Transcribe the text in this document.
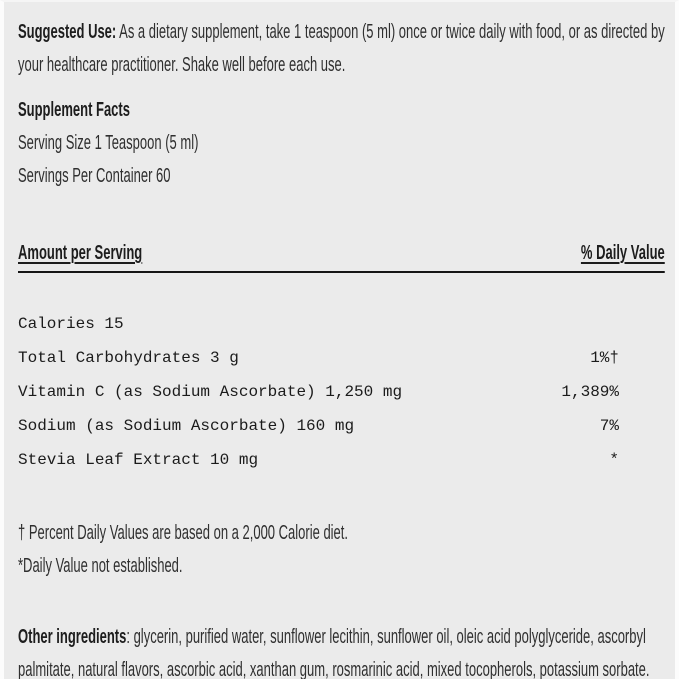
Suggested Use: As a dietary supplement, take 1 teaspoon (5 ml) once or twice daily with food, or as directed by your healthcare practitioner. Shake well before each use.

Supplement Facts

Serving Size 1 Teaspoon (5 ml)

Servings Per Container 60

Amount per Serving	% Daily Value
Calories 15
Total Carbohydrates 3 g	1%†
Vitamin C (as Sodium Ascorbate) 1,250 mg	1,389%
Sodium (as Sodium Ascorbate) 160 mg	7%
Stevia Leaf Extract 10 mg	*

† Percent Daily Values are based on a 2,000 Calorie diet.

*Daily Value not established.

Other ingredients: glycerin, purified water, sunflower lecithin, sunflower oil, oleic acid polyglyceride, ascorbyl palmitate, natural flavors, ascorbic acid, xanthan gum, rosmarinic acid, mixed tocopherols, potassium sorbate.
